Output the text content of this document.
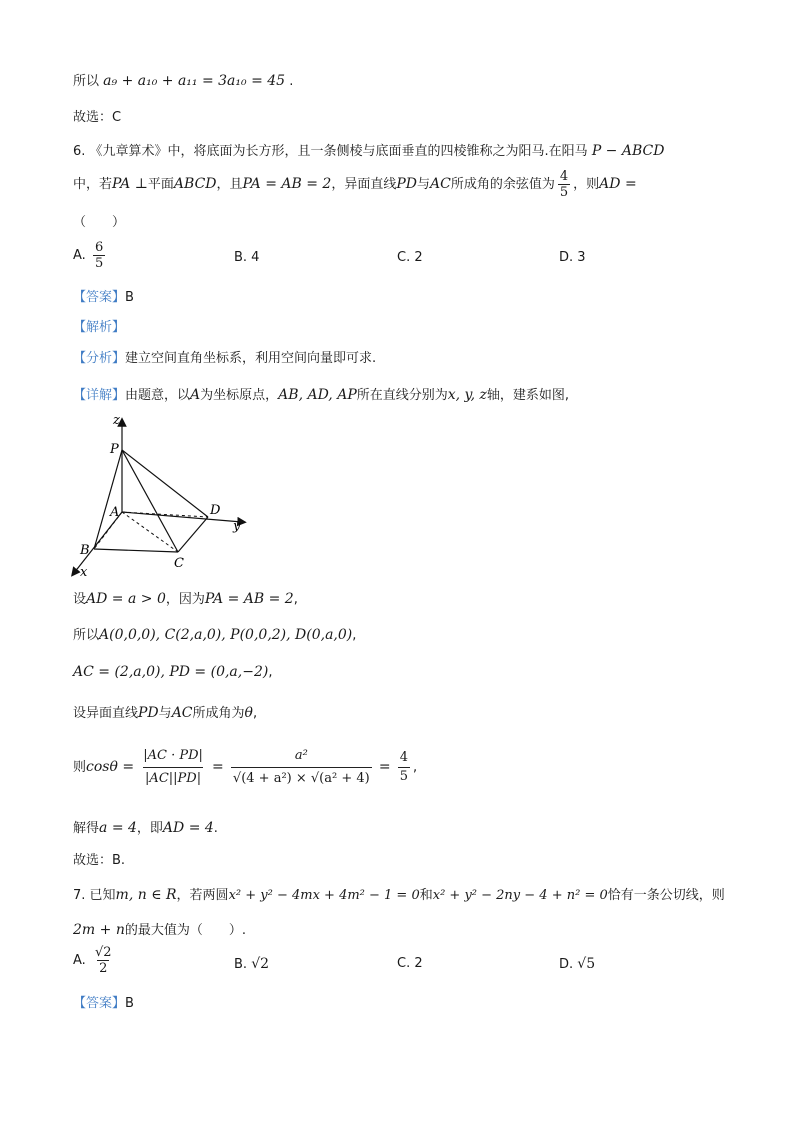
所以 a₉ + a₁₀ + a₁₁ = 3a₁₀ = 45 .
故选：C
6. 《九章算术》中，将底面为长方形，且一条侧棱与底面垂直的四棱锥称之为阳马.在阳马 P − ABCD
中，若PA ⊥平面ABCD，且PA = AB = 2，异面直线PD与AC所成角的余弦值为 $\frac{4}{5}$ ，则AD =
（　　）
A. $\frac{6}{5}$	B. 4	C. 2	D. 3
【答案】B
【解析】
【分析】建立空间直角坐标系，利用空间向量即可求.
【详解】由题意，以A为坐标原点，AB, AD, AP所在直线分别为x, y, z轴，建系如图,
z
P
A	D
y
B
C
x
设AD = a > 0，因为PA = AB = 2,
所以A(0,0,0), C(2,a,0), P(0,0,2), D(0,a,0),
AC = (2,a,0), PD = (0,a,−2),
设异面直线PD与AC所成角为θ,
则$\cos\theta = \frac{|AC \cdot PD|}{|AC||PD|} = \frac{\text{a²}}{\text{√(4 + a²) × √(a² + 4)}} = \frac{4}{5}$ ,
解得a = 4，即AD = 4.
故选：B.
7. 已知m, n ∈ R，若两圆x² + y² − 4mx + 4m² − 1 = 0和x² + y² − 2ny − 4 + n² = 0恰有一条公切线，则
2m + n的最大值为（　　）.
A. $\frac{√2}{2}$	B. √2	C. 2	D. √5
【答案】B
